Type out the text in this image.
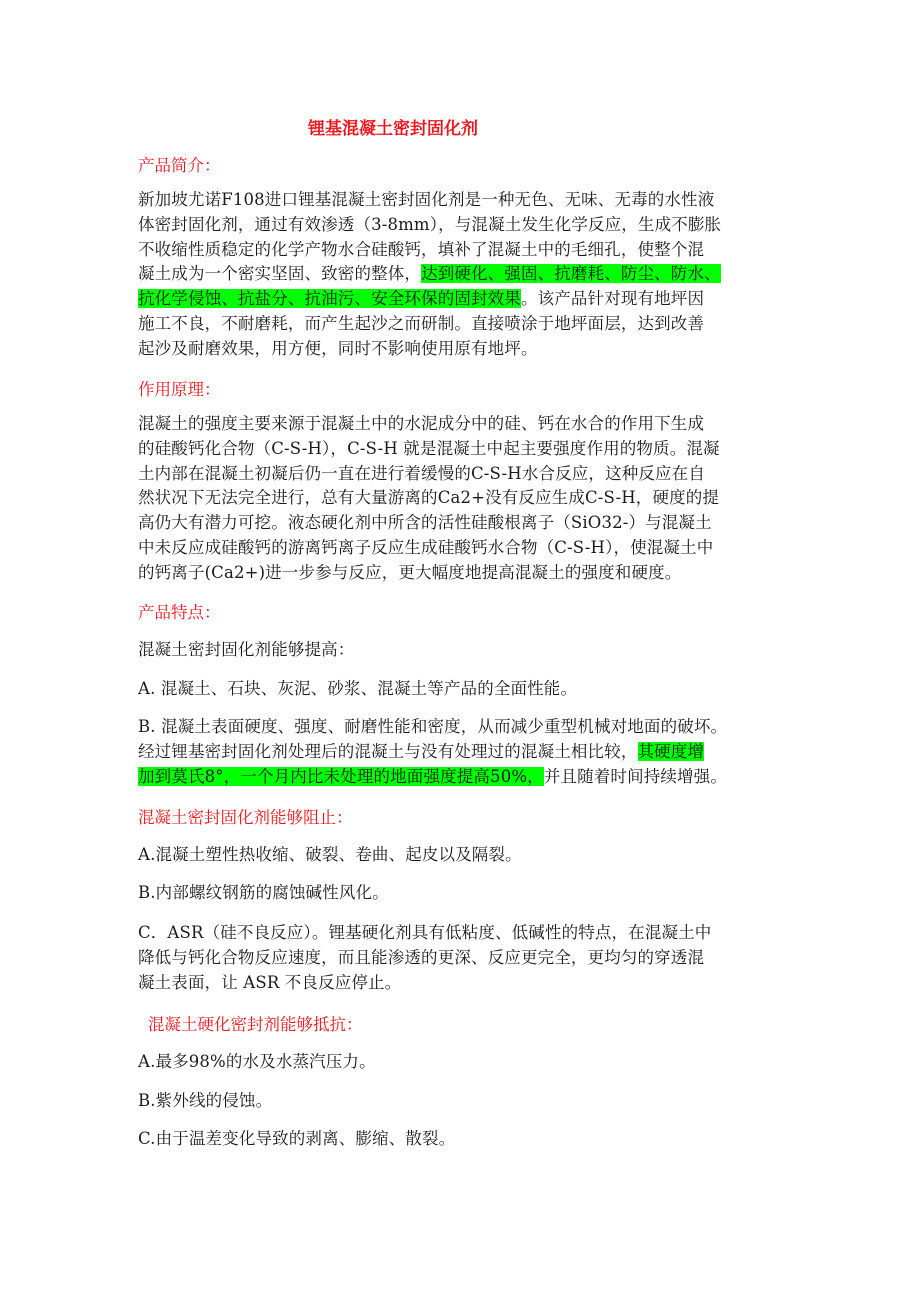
锂基混凝土密封固化剂
产品简介：
新加坡尤诺F108进口锂基混凝土密封固化剂是一种无色、无味、无毒的水性液
体密封固化剂，通过有效渗透（3-8mm），与混凝土发生化学反应，生成不膨胀
不收缩性质稳定的化学产物水合硅酸钙，填补了混凝土中的毛细孔，使整个混
凝土成为一个密实坚固、致密的整体，达到硬化、强固、抗磨耗、防尘、防水、
抗化学侵蚀、抗盐分、抗油污、安全环保的固封效果。该产品针对现有地坪因
施工不良，不耐磨耗，而产生起沙之而研制。直接喷涂于地坪面层，达到改善
起沙及耐磨效果，用方便，同时不影响使用原有地坪。
作用原理：
混凝土的强度主要来源于混凝土中的水泥成分中的硅、钙在水合的作用下生成
的硅酸钙化合物（C-S-H），C-S-H 就是混凝土中起主要强度作用的物质。混凝
土内部在混凝土初凝后仍一直在进行着缓慢的C-S-H水合反应，这种反应在自
然状况下无法完全进行，总有大量游离的Ca2+没有反应生成C-S-H，硬度的提
高仍大有潜力可挖。液态硬化剂中所含的活性硅酸根离子（SiO32-）与混凝土
中未反应成硅酸钙的游离钙离子反应生成硅酸钙水合物（C-S-H），使混凝土中
的钙离子(Ca2+)进一步参与反应，更大幅度地提高混凝土的强度和硬度。
产品特点：
混凝土密封固化剂能够提高：
A. 混凝土、石块、灰泥、砂浆、混凝土等产品的全面性能。
B. 混凝土表面硬度、强度、耐磨性能和密度，从而减少重型机械对地面的破坏。
经过锂基密封固化剂处理后的混凝土与没有处理过的混凝土相比较，其硬度增
加到莫氏8°，一个月内比未处理的地面强度提高50%，并且随着时间持续增强。
混凝土密封固化剂能够阻止：
A.混凝土塑性热收缩、破裂、卷曲、起皮以及隔裂。
B.内部螺纹钢筋的腐蚀碱性风化。
C．ASR（硅不良反应）。锂基硬化剂具有低粘度、低碱性的特点，在混凝土中
降低与钙化合物反应速度，而且能渗透的更深、反应更完全，更均匀的穿透混
凝土表面，让 ASR 不良反应停止。
混凝土硬化密封剂能够抵抗：
A.最多98%的水及水蒸汽压力。
B.紫外线的侵蚀。
C.由于温差变化导致的剥离、膨缩、散裂。
